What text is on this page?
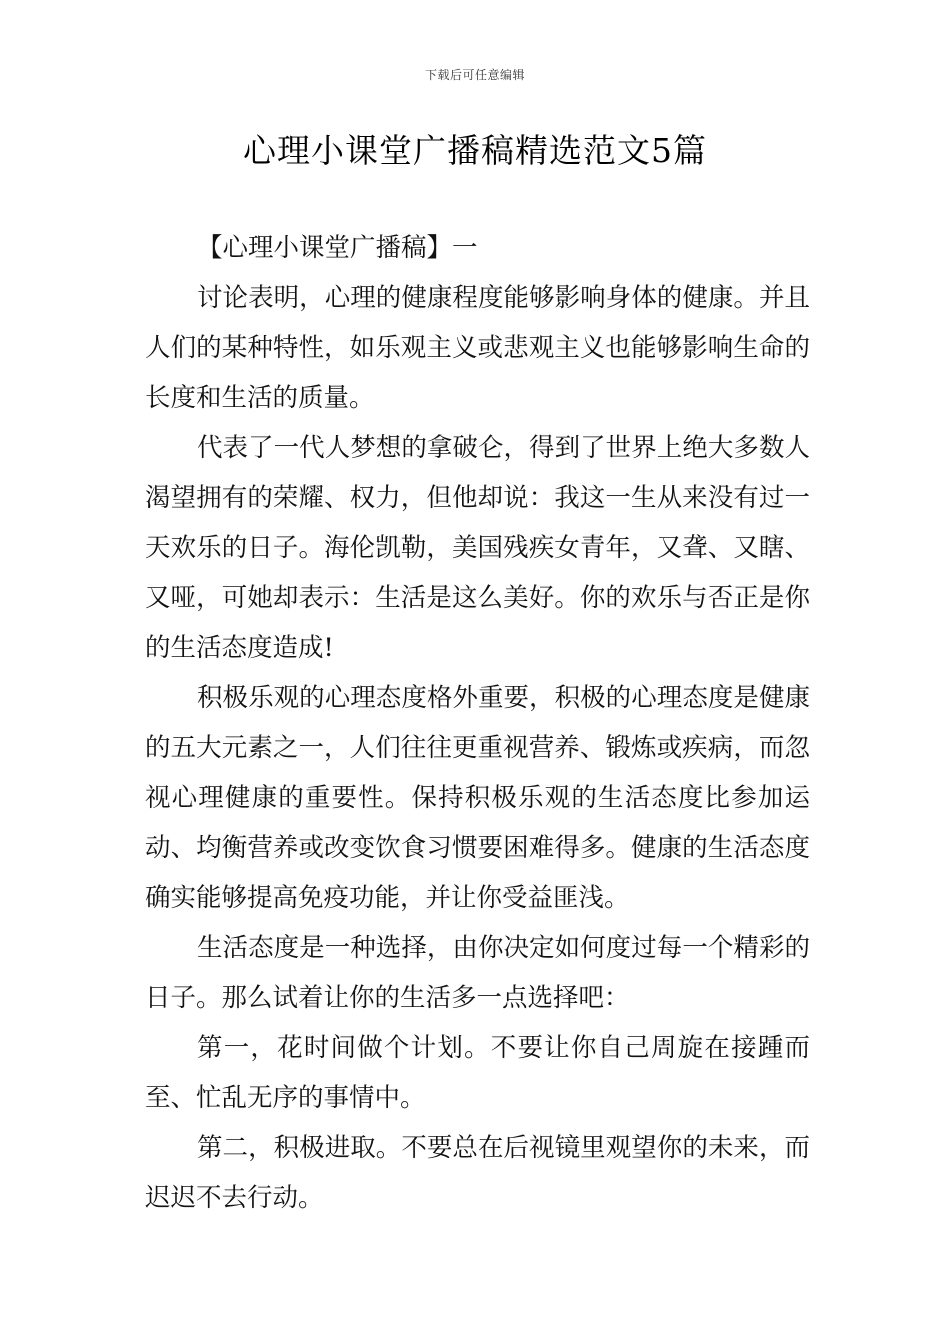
下载后可任意编辑
心理小课堂广播稿精选范文5篇

【心理小课堂广播稿】一

讨论表明，心理的健康程度能够影响身体的健康。并且人们的某种特性，如乐观主义或悲观主义也能够影响生命的长度和生活的质量。

代表了一代人梦想的拿破仑，得到了世界上绝大多数人渴望拥有的荣耀、权力，但他却说：我这一生从来没有过一天欢乐的日子。海伦凯勒，美国残疾女青年，又聋、又瞎、又哑，可她却表示：生活是这么美好。你的欢乐与否正是你的生活态度造成!

积极乐观的心理态度格外重要，积极的心理态度是健康的五大元素之一，人们往往更重视营养、锻炼或疾病，而忽视心理健康的重要性。保持积极乐观的生活态度比参加运动、均衡营养或改变饮食习惯要困难得多。健康的生活态度确实能够提高免疫功能，并让你受益匪浅。

生活态度是一种选择，由你决定如何度过每一个精彩的日子。那么试着让你的生活多一点选择吧：

第一，花时间做个计划。不要让你自己周旋在接踵而至、忙乱无序的事情中。

第二，积极进取。不要总在后视镜里观望你的未来，而迟迟不去行动。
